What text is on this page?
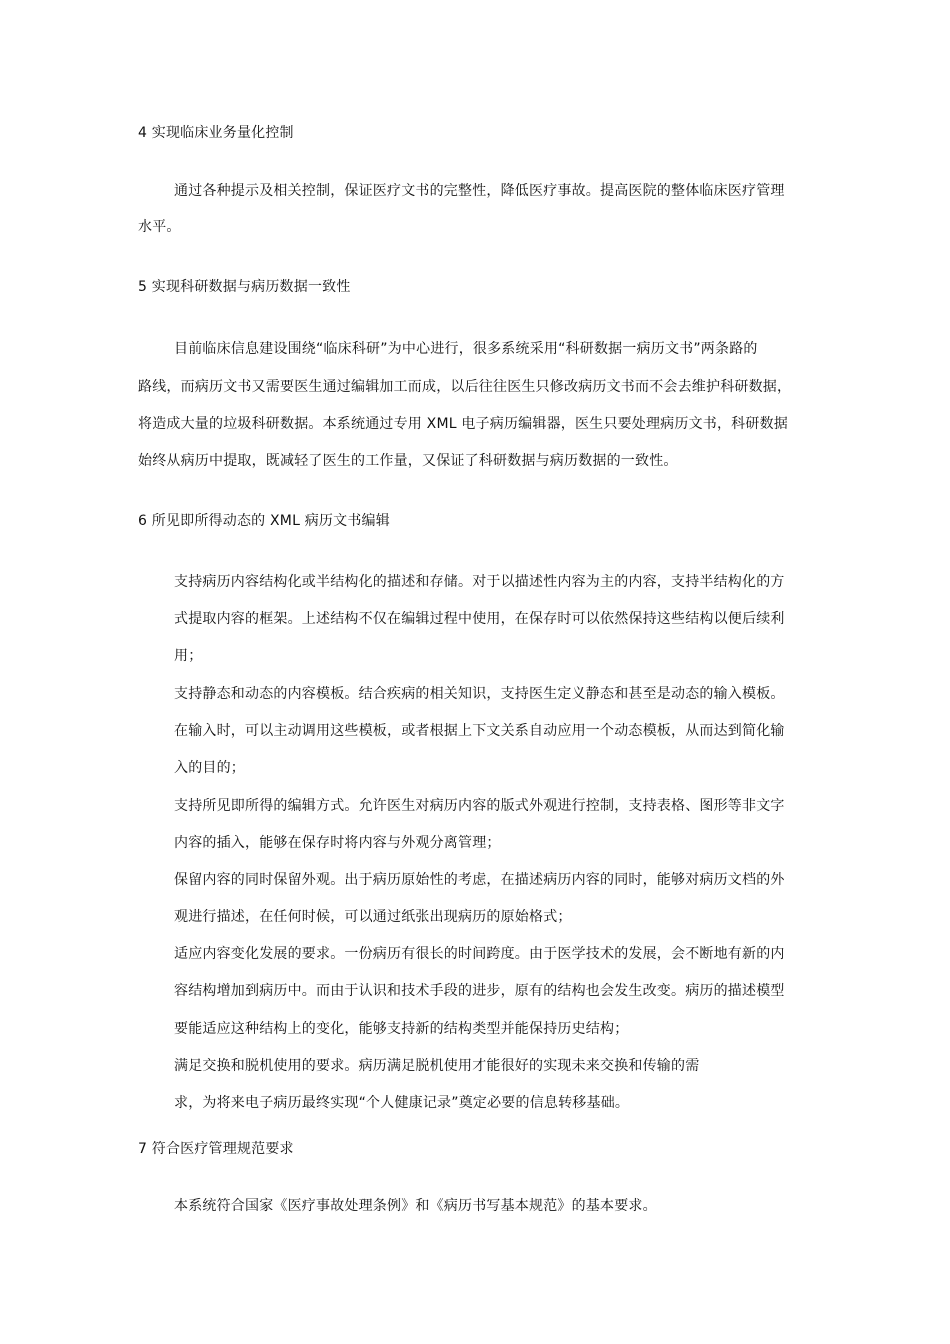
4 实现临床业务量化控制
通过各种提示及相关控制，保证医疗文书的完整性，降低医疗事故。提高医院的整体临床医疗管理
水平。
5 实现科研数据与病历数据一致性
目前临床信息建设围绕“临床科研”为中心进行，很多系统采用“科研数据一病历文书”两条路的
路线，而病历文书又需要医生通过编辑加工而成，以后往往医生只修改病历文书而不会去维护科研数据，
将造成大量的垃圾科研数据。本系统通过专用 XML 电子病历编辑器，医生只要处理病历文书，科研数据
始终从病历中提取，既减轻了医生的工作量，又保证了科研数据与病历数据的一致性。
6 所见即所得动态的 XML 病历文书编辑
支持病历内容结构化或半结构化的描述和存储。对于以描述性内容为主的内容，支持半结构化的方
式提取内容的框架。上述结构不仅在编辑过程中使用，在保存时可以依然保持这些结构以便后续利
用；
支持静态和动态的内容模板。结合疾病的相关知识，支持医生定义静态和甚至是动态的输入模板。
在输入时，可以主动调用这些模板，或者根据上下文关系自动应用一个动态模板，从而达到简化输
入的目的；
支持所见即所得的编辑方式。允许医生对病历内容的版式外观进行控制，支持表格、图形等非文字
内容的插入，能够在保存时将内容与外观分离管理；
保留内容的同时保留外观。出于病历原始性的考虑，在描述病历内容的同时，能够对病历文档的外
观进行描述，在任何时候，可以通过纸张出现病历的原始格式；
适应内容变化发展的要求。一份病历有很长的时间跨度。由于医学技术的发展，会不断地有新的内
容结构增加到病历中。而由于认识和技术手段的进步，原有的结构也会发生改变。病历的描述模型
要能适应这种结构上的变化，能够支持新的结构类型并能保持历史结构；
满足交换和脱机使用的要求。病历满足脱机使用才能很好的实现未来交换和传输的需
求，为将来电子病历最终实现“个人健康记录”奠定必要的信息转移基础。
7 符合医疗管理规范要求
本系统符合国家《医疗事故处理条例》和《病历书写基本规范》的基本要求。
